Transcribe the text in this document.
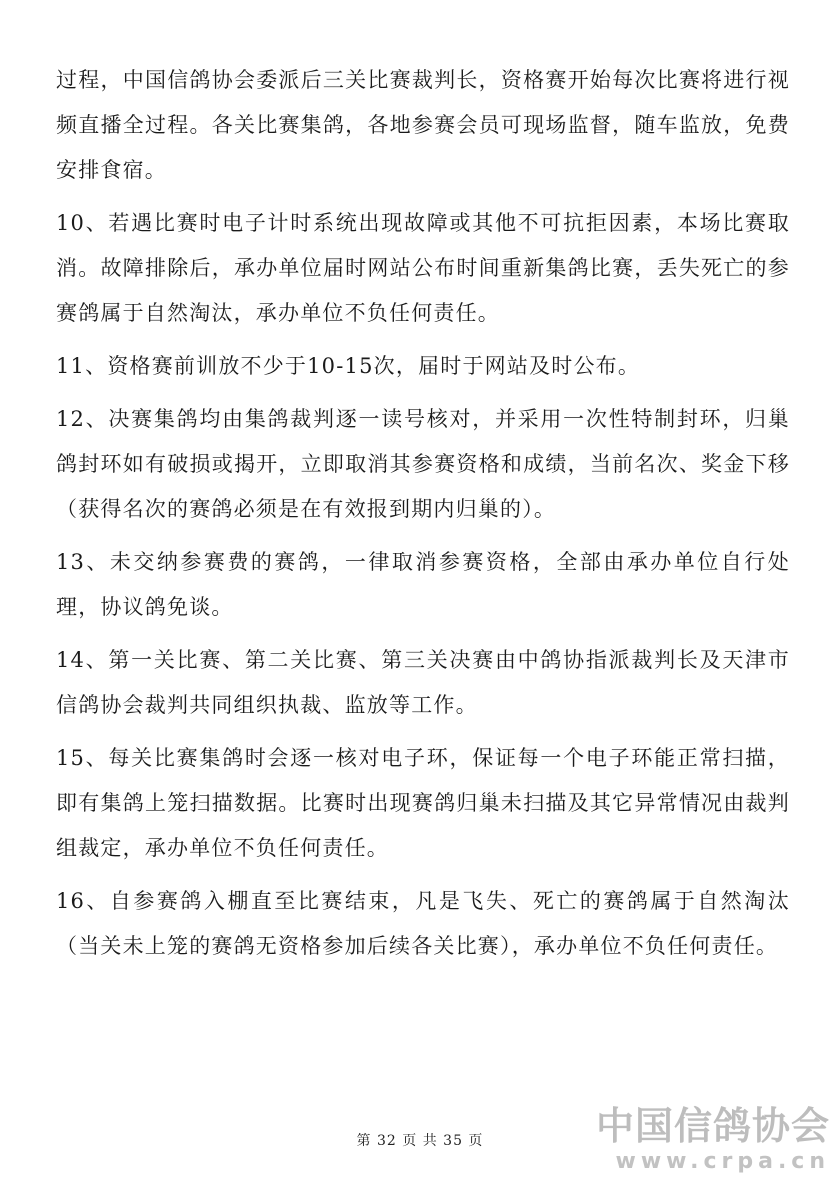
过程，中国信鸽协会委派后三关比赛裁判长，资格赛开始每次比赛将进行视频直播全过程。各关比赛集鸽，各地参赛会员可现场监督，随车监放，免费安排食宿。

10、若遇比赛时电子计时系统出现故障或其他不可抗拒因素，本场比赛取消。故障排除后，承办单位届时网站公布时间重新集鸽比赛，丢失死亡的参赛鸽属于自然淘汰，承办单位不负任何责任。

11、资格赛前训放不少于10-15次，届时于网站及时公布。

12、决赛集鸽均由集鸽裁判逐一读号核对，并采用一次性特制封环，归巢鸽封环如有破损或揭开，立即取消其参赛资格和成绩，当前名次、奖金下移（获得名次的赛鸽必须是在有效报到期内归巢的）。

13、未交纳参赛费的赛鸽，一律取消参赛资格，全部由承办单位自行处理，协议鸽免谈。

14、第一关比赛、第二关比赛、第三关决赛由中鸽协指派裁判长及天津市信鸽协会裁判共同组织执裁、监放等工作。

15、每关比赛集鸽时会逐一核对电子环，保证每一个电子环能正常扫描，即有集鸽上笼扫描数据。比赛时出现赛鸽归巢未扫描及其它异常情况由裁判组裁定，承办单位不负任何责任。

16、自参赛鸽入棚直至比赛结束，凡是飞失、死亡的赛鸽属于自然淘汰（当关未上笼的赛鸽无资格参加后续各关比赛），承办单位不负任何责任。

第 32 页 共 35 页	中国信鸽协会
www.crpa.cn
